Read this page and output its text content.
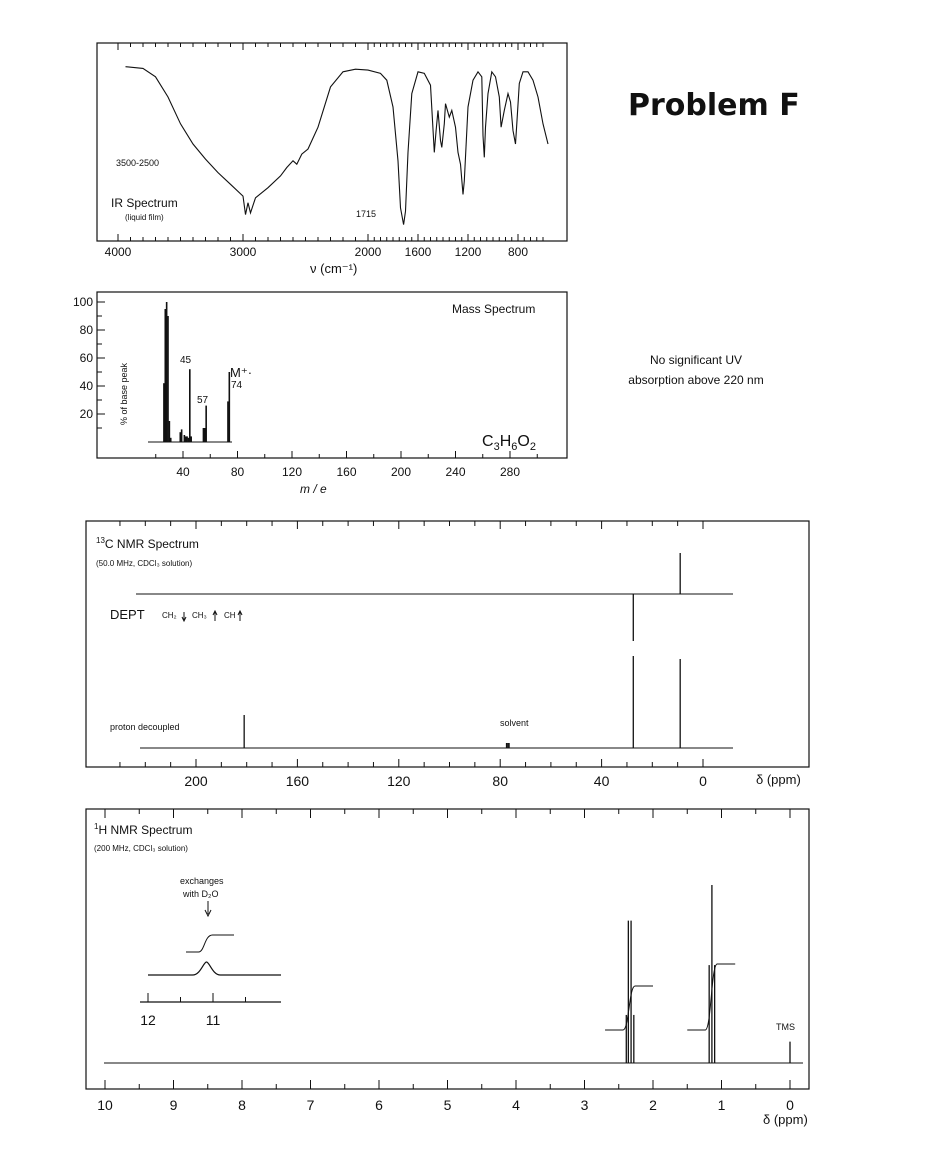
Problem F
No significant UV
absorption above 220 nm
4000	3000	2000 1600 1200 800
3500-2500
1715
IR Spectrum
(liquid film)
ν (cm⁻¹)
40	80	120	160	200	240	280
20
40
60
80
100	Mass Spectrum
45
57
M⁺·
74
$C_3H_6O_2$
% of base peak
m / e
200	160	120	80	40	0
$^{13}$C NMR Spectrum
(50.0 MHz, CDCl₃ solution)
DEPT CH₂ CH₃ CH
proton decoupled	solvent
δ (ppm)
10	9	8	7	6	5	4	3	2	1	0
12	11
exchanges
with D₂O
$^1$H NMR Spectrum
(200 MHz, CDCl₃ solution)
TMS
δ (ppm)
